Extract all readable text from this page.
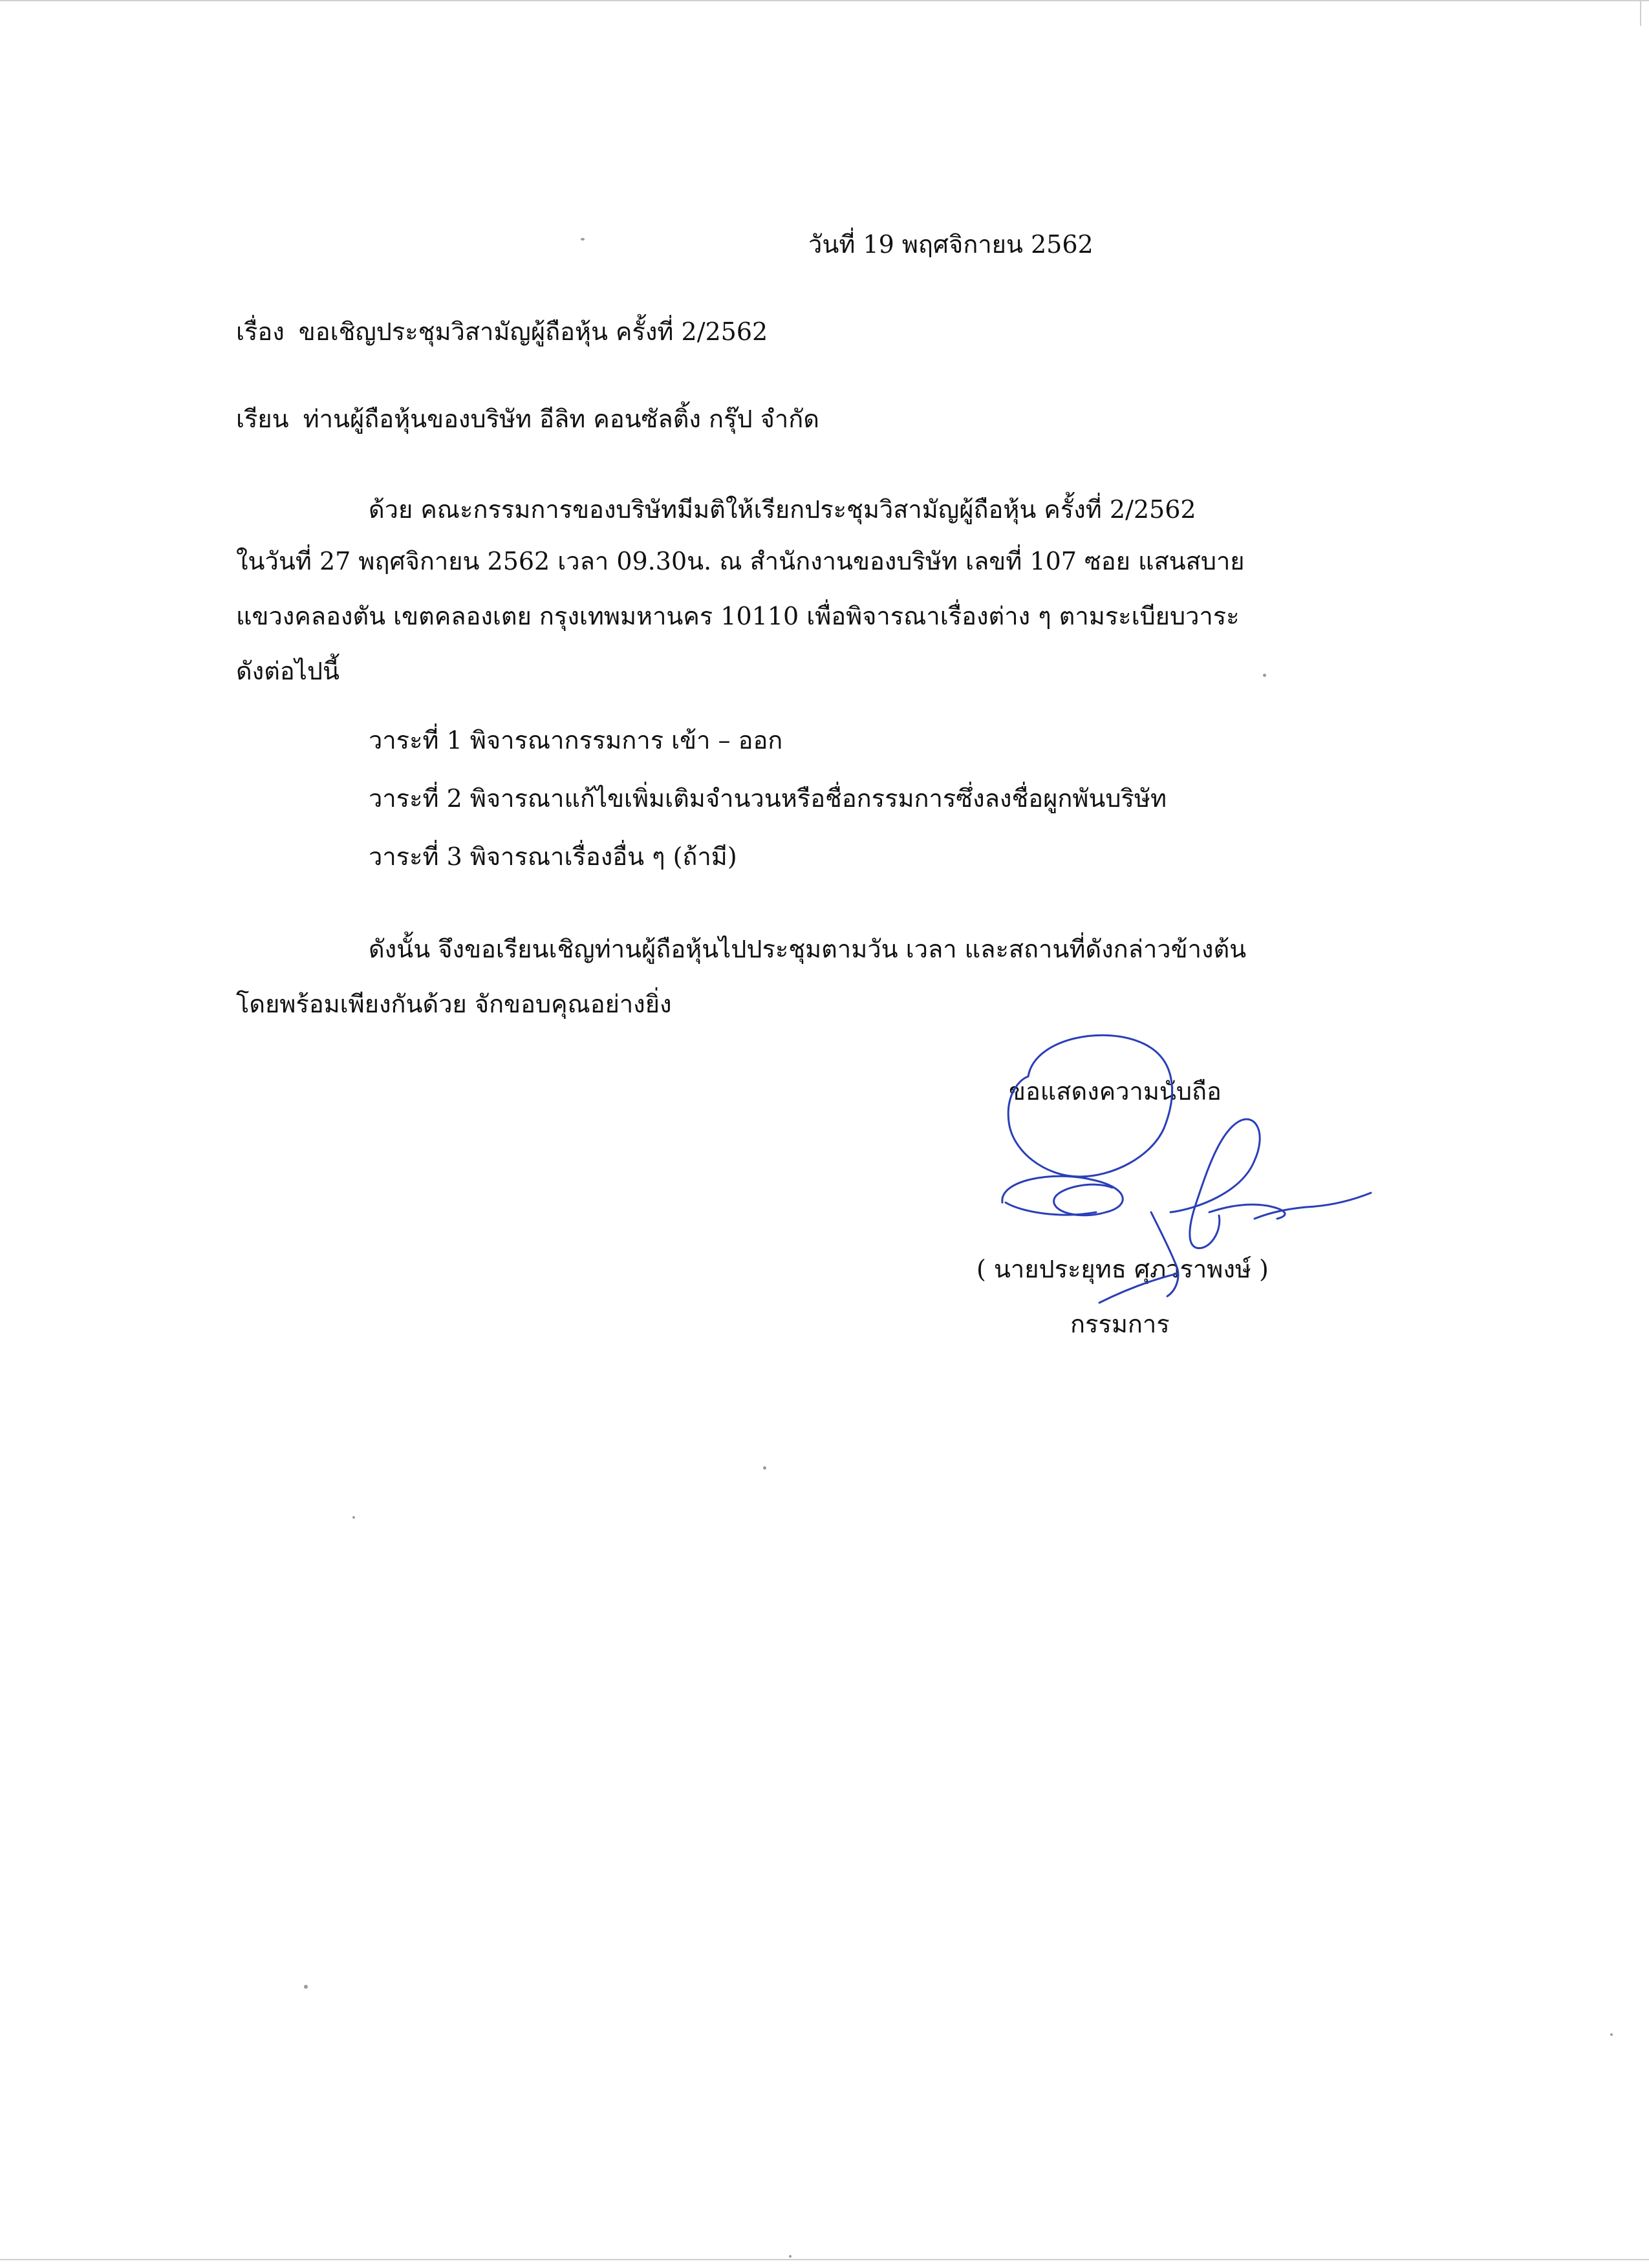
วันที่ 19 พฤศจิกายน 2562
เรื่อง ขอเชิญประชุมวิสามัญผู้ถือหุ้น ครั้งที่ 2/2562
เรียน ท่านผู้ถือหุ้นของบริษัท อีลิท คอนซัลติ้ง กรุ๊ป จำกัด
ด้วย คณะกรรมการของบริษัทมีมติให้เรียกประชุมวิสามัญผู้ถือหุ้น ครั้งที่ 2/2562
ในวันที่ 27 พฤศจิกายน 2562 เวลา 09.30น. ณ สำนักงานของบริษัท เลขที่ 107 ซอย แสนสบาย
แขวงคลองตัน เขตคลองเตย กรุงเทพมหานคร 10110 เพื่อพิจารณาเรื่องต่าง ๆ ตามระเบียบวาระ
ดังต่อไปนี้
วาระที่ 1 พิจารณากรรมการ เข้า – ออก
วาระที่ 2 พิจารณาแก้ไขเพิ่มเติมจำนวนหรือชื่อกรรมการซึ่งลงชื่อผูกพันบริษัท
วาระที่ 3 พิจารณาเรื่องอื่น ๆ (ถ้ามี)
ดังนั้น จึงขอเรียนเชิญท่านผู้ถือหุ้นไปประชุมตามวัน เวลา และสถานที่ดังกล่าวข้างต้น
โดยพร้อมเพียงกันด้วย จักขอบคุณอย่างยิ่ง
ขอแสดงความนับถือ
( นายประยุทธ ศุภวราพงษ์ )
กรรมการ
